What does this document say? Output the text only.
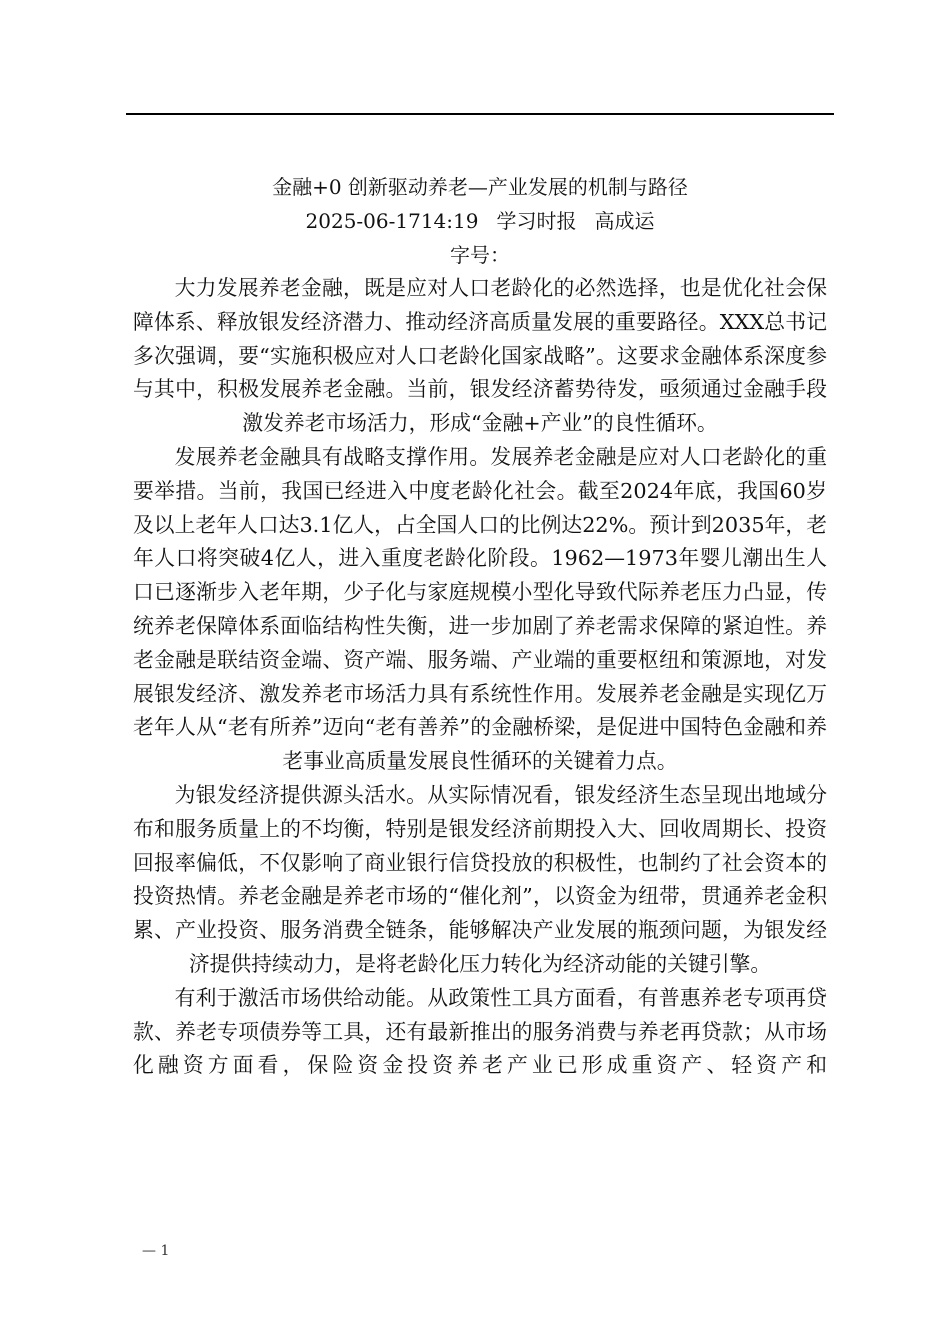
金融+0 创新驱动养老—产业发展的机制与路径

2025-06-1714:19 学习时报 高成运

字号：

大力发展养老金融，既是应对人口老龄化的必然选择，也是优化社会保障体系、释放银发经济潜力、推动经济高质量发展的重要路径。XXX总书记多次强调，要“实施积极应对人口老龄化国家战略”。这要求金融体系深度参与其中，积极发展养老金融。当前，银发经济蓄势待发，亟须通过金融手段激发养老市场活力，形成“金融+产业”的良性循环。

发展养老金融具有战略支撑作用。发展养老金融是应对人口老龄化的重要举措。当前，我国已经进入中度老龄化社会。截至2024年底，我国60岁及以上老年人口达3.1亿人，占全国人口的比例达22%。预计到2035年，老年人口将突破4亿人，进入重度老龄化阶段。1962—1973年婴儿潮出生人口已逐渐步入老年期，少子化与家庭规模小型化导致代际养老压力凸显，传统养老保障体系面临结构性失衡，进一步加剧了养老需求保障的紧迫性。养老金融是联结资金端、资产端、服务端、产业端的重要枢纽和策源地，对发展银发经济、激发养老市场活力具有系统性作用。发展养老金融是实现亿万老年人从“老有所养”迈向“老有善养”的金融桥梁，是促进中国特色金融和养老事业高质量发展良性循环的关键着力点。

为银发经济提供源头活水。从实际情况看，银发经济生态呈现出地域分布和服务质量上的不均衡，特别是银发经济前期投入大、回收周期长、投资回报率偏低，不仅影响了商业银行信贷投放的积极性，也制约了社会资本的投资热情。养老金融是养老市场的“催化剂”，以资金为纽带，贯通养老金积累、产业投资、服务消费全链条，能够解决产业发展的瓶颈问题，为银发经济提供持续动力，是将老龄化压力转化为经济动能的关键引擎。

有利于激活市场供给动能。从政策性工具方面看，有普惠养老专项再贷款、养老专项债券等工具，还有最新推出的服务消费与养老再贷款；从市场化融资方面看，保险资金投资养老产业已形成重资产、轻资产和

— 1
